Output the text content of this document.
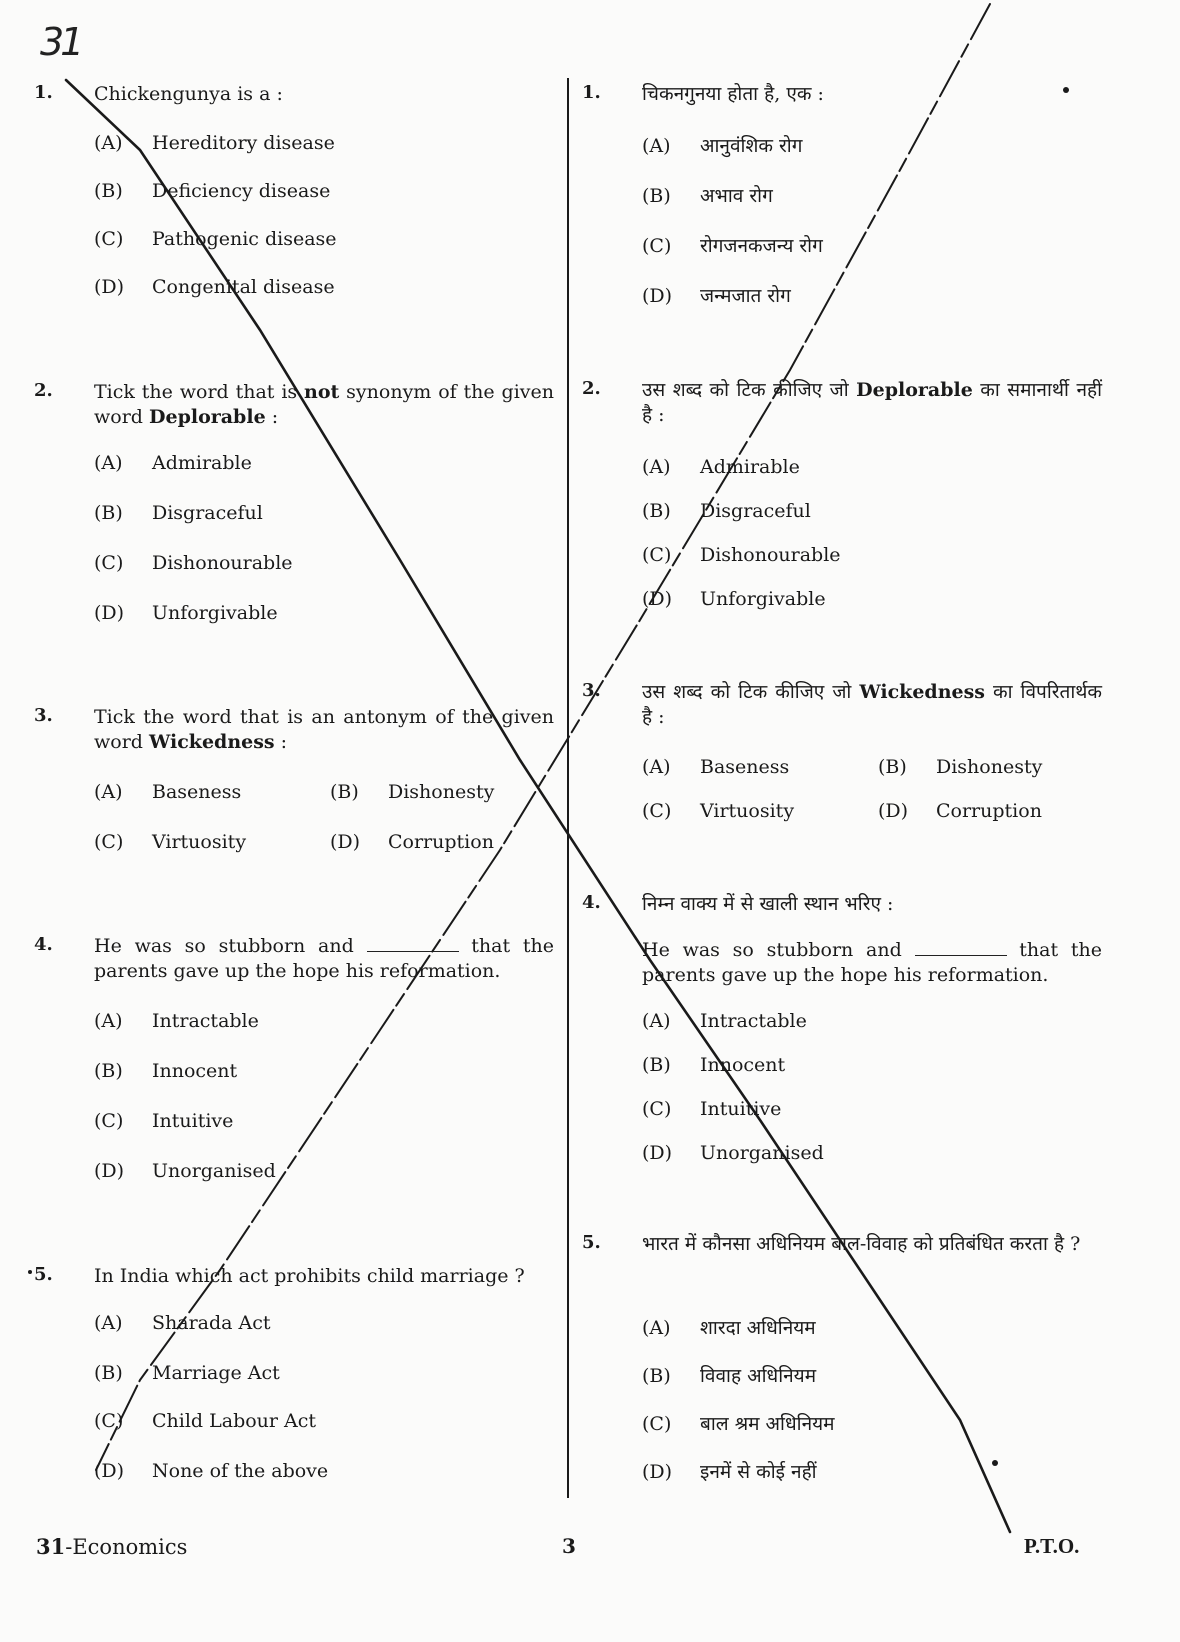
31
1. Chickengunya is a :
(A) Hereditory disease
(B) Deficiency disease
(C) Pathogenic disease
(D) Congenital disease
2. Tick the word that is not synonym of the given word Deplorable :
(A) Admirable
(B) Disgraceful
(C) Dishonourable
(D) Unforgivable
3. Tick the word that is an antonym of the given word Wickedness :
(A) Baseness	(B) Dishonesty
(C) Virtuosity	(D) Corruption
4. He was so stubborn and	that the parents gave up the hope his reformation.
(A) Intractable
(B) Innocent
(C) Intuitive
(D) Unorganised
5. In India which act prohibits child marriage ?
(A) Sharada Act
(B) Marriage Act
(C) Child Labour Act
(D) None of the above
1. चिकनगुनया होता है, एक :
(A) आनुवंशिक रोग
(B) अभाव रोग
(C) रोगजनकजन्य रोग
(D) जन्मजात रोग
2. उस शब्द को टिक कीजिए जो Deplorable का समानार्थी नहीं है :
(A) Admirable
(B) Disgraceful
(C) Dishonourable
(D) Unforgivable
3. उस शब्द को टिक कीजिए जो Wickedness का विपरितार्थक है :
(A) Baseness	(B) Dishonesty
(C) Virtuosity	(D) Corruption
4. निम्न वाक्य में से खाली स्थान भरिए :
He was so stubborn and	that the parents gave up the hope his reformation.
(A) Intractable
(B) Innocent
(C) Intuitive
(D) Unorganised
5. भारत में कौनसा अधिनियम बाल-विवाह को प्रतिबंधित करता है ?
(A) शारदा अधिनियम
(B) विवाह अधिनियम
(C) बाल श्रम अधिनियम
(D) इनमें से कोई नहीं
31-Economics	3	P.T.O.
